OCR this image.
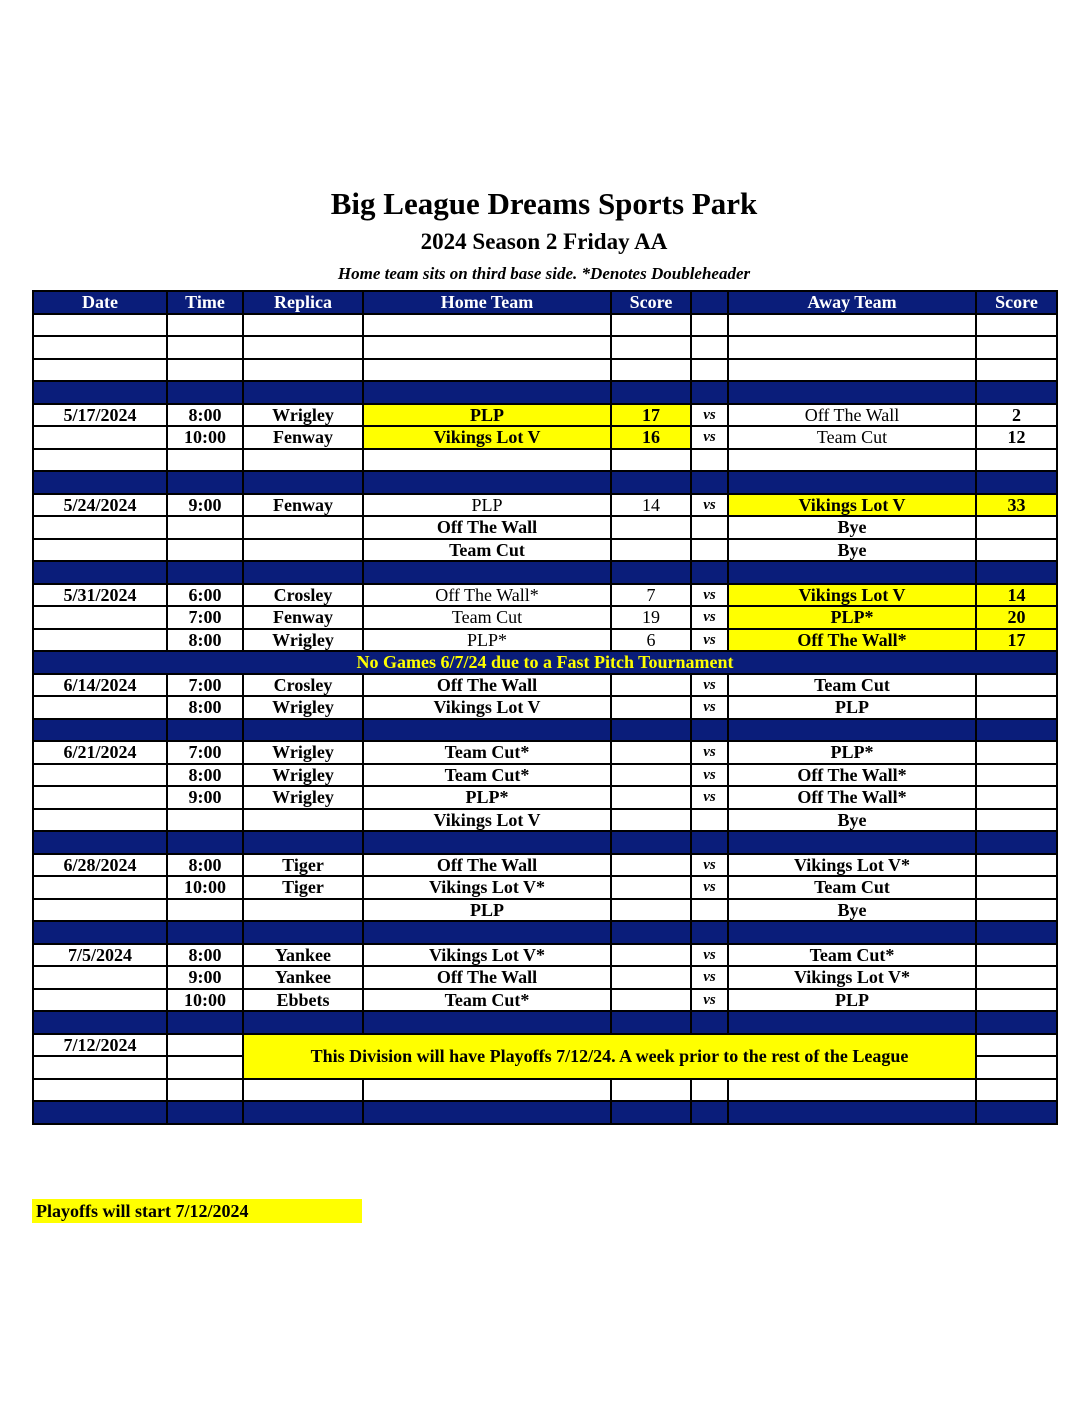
Big League Dreams Sports Park
2024 Season 2 Friday AA
Home team sits on third base side. *Denotes Doubleheader
Date	Time	Replica	Home Team	Score		Away Team	Score

5/17/2024	8:00	Wrigley	PLP	17	vs	Off The Wall	2
	10:00	Fenway	Vikings Lot V	16	vs	Team Cut	12

5/24/2024	9:00	Fenway	PLP	14	vs	Vikings Lot V	33
			Off The Wall			Bye	
			Team Cut			Bye	

5/31/2024	6:00	Crosley	Off The Wall*	7	vs	Vikings Lot V	14
	7:00	Fenway	Team Cut	19	vs	PLP*	20
	8:00	Wrigley	PLP*	6	vs	Off The Wall*	17
No Games 6/7/24 due to a Fast Pitch Tournament							
6/14/2024	7:00	Crosley	Off The Wall		vs	Team Cut	
	8:00	Wrigley	Vikings Lot V		vs	PLP	

6/21/2024	7:00	Wrigley	Team Cut*		vs	PLP*	
	8:00	Wrigley	Team Cut*		vs	Off The Wall*	
	9:00	Wrigley	PLP*		vs	Off The Wall*	
			Vikings Lot V			Bye	

6/28/2024	8:00	Tiger	Off The Wall		vs	Vikings Lot V*	
	10:00	Tiger	Vikings Lot V*		vs	Team Cut	
			PLP			Bye	

7/5/2024	8:00	Yankee	Vikings Lot V*		vs	Team Cut*	
	9:00	Yankee	Off The Wall		vs	Vikings Lot V*	
	10:00	Ebbets	Team Cut*		vs	PLP	

7/12/2024		This Division will have Playoffs 7/12/24. A week prior to the rest of the League					

Playoffs will start 7/12/2024
